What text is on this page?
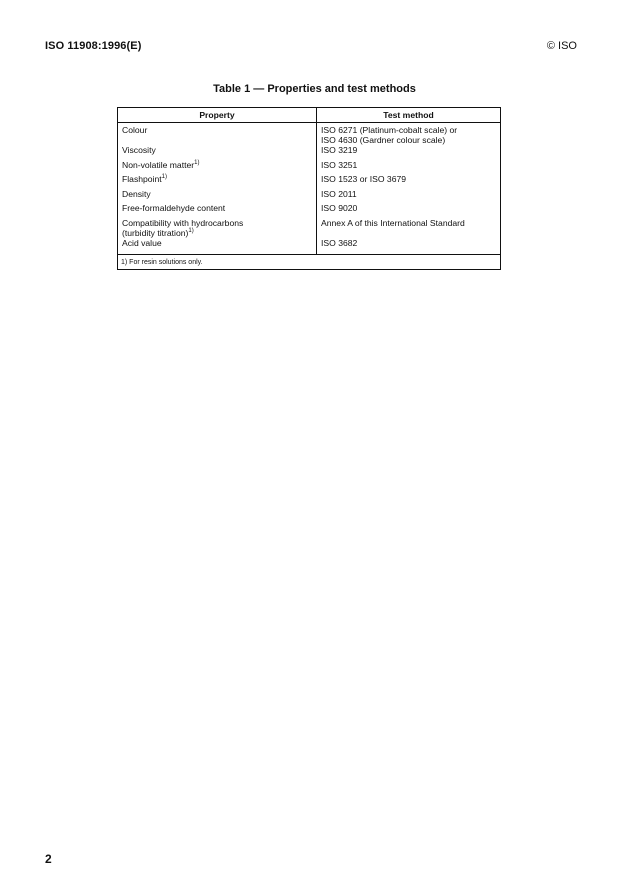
ISO 11908:1996(E)	© ISO
Table 1 — Properties and test methods
Property	Test method
Colour	ISO 6271 (Platinum-cobalt scale) or
ISO 4630 (Gardner colour scale)
Viscosity	ISO 3219
Non-volatile matter$^{1)}$	ISO 3251
Flashpoint$^{1)}$	ISO 1523 or ISO 3679
Density	ISO 2011
Free-formaldehyde content	ISO 9020
Compatibility with hydrocarbons
(turbidity titration)$^{1)}$	Annex A of this International Standard
Acid value	ISO 3682
1) For resin solutions only.
2
